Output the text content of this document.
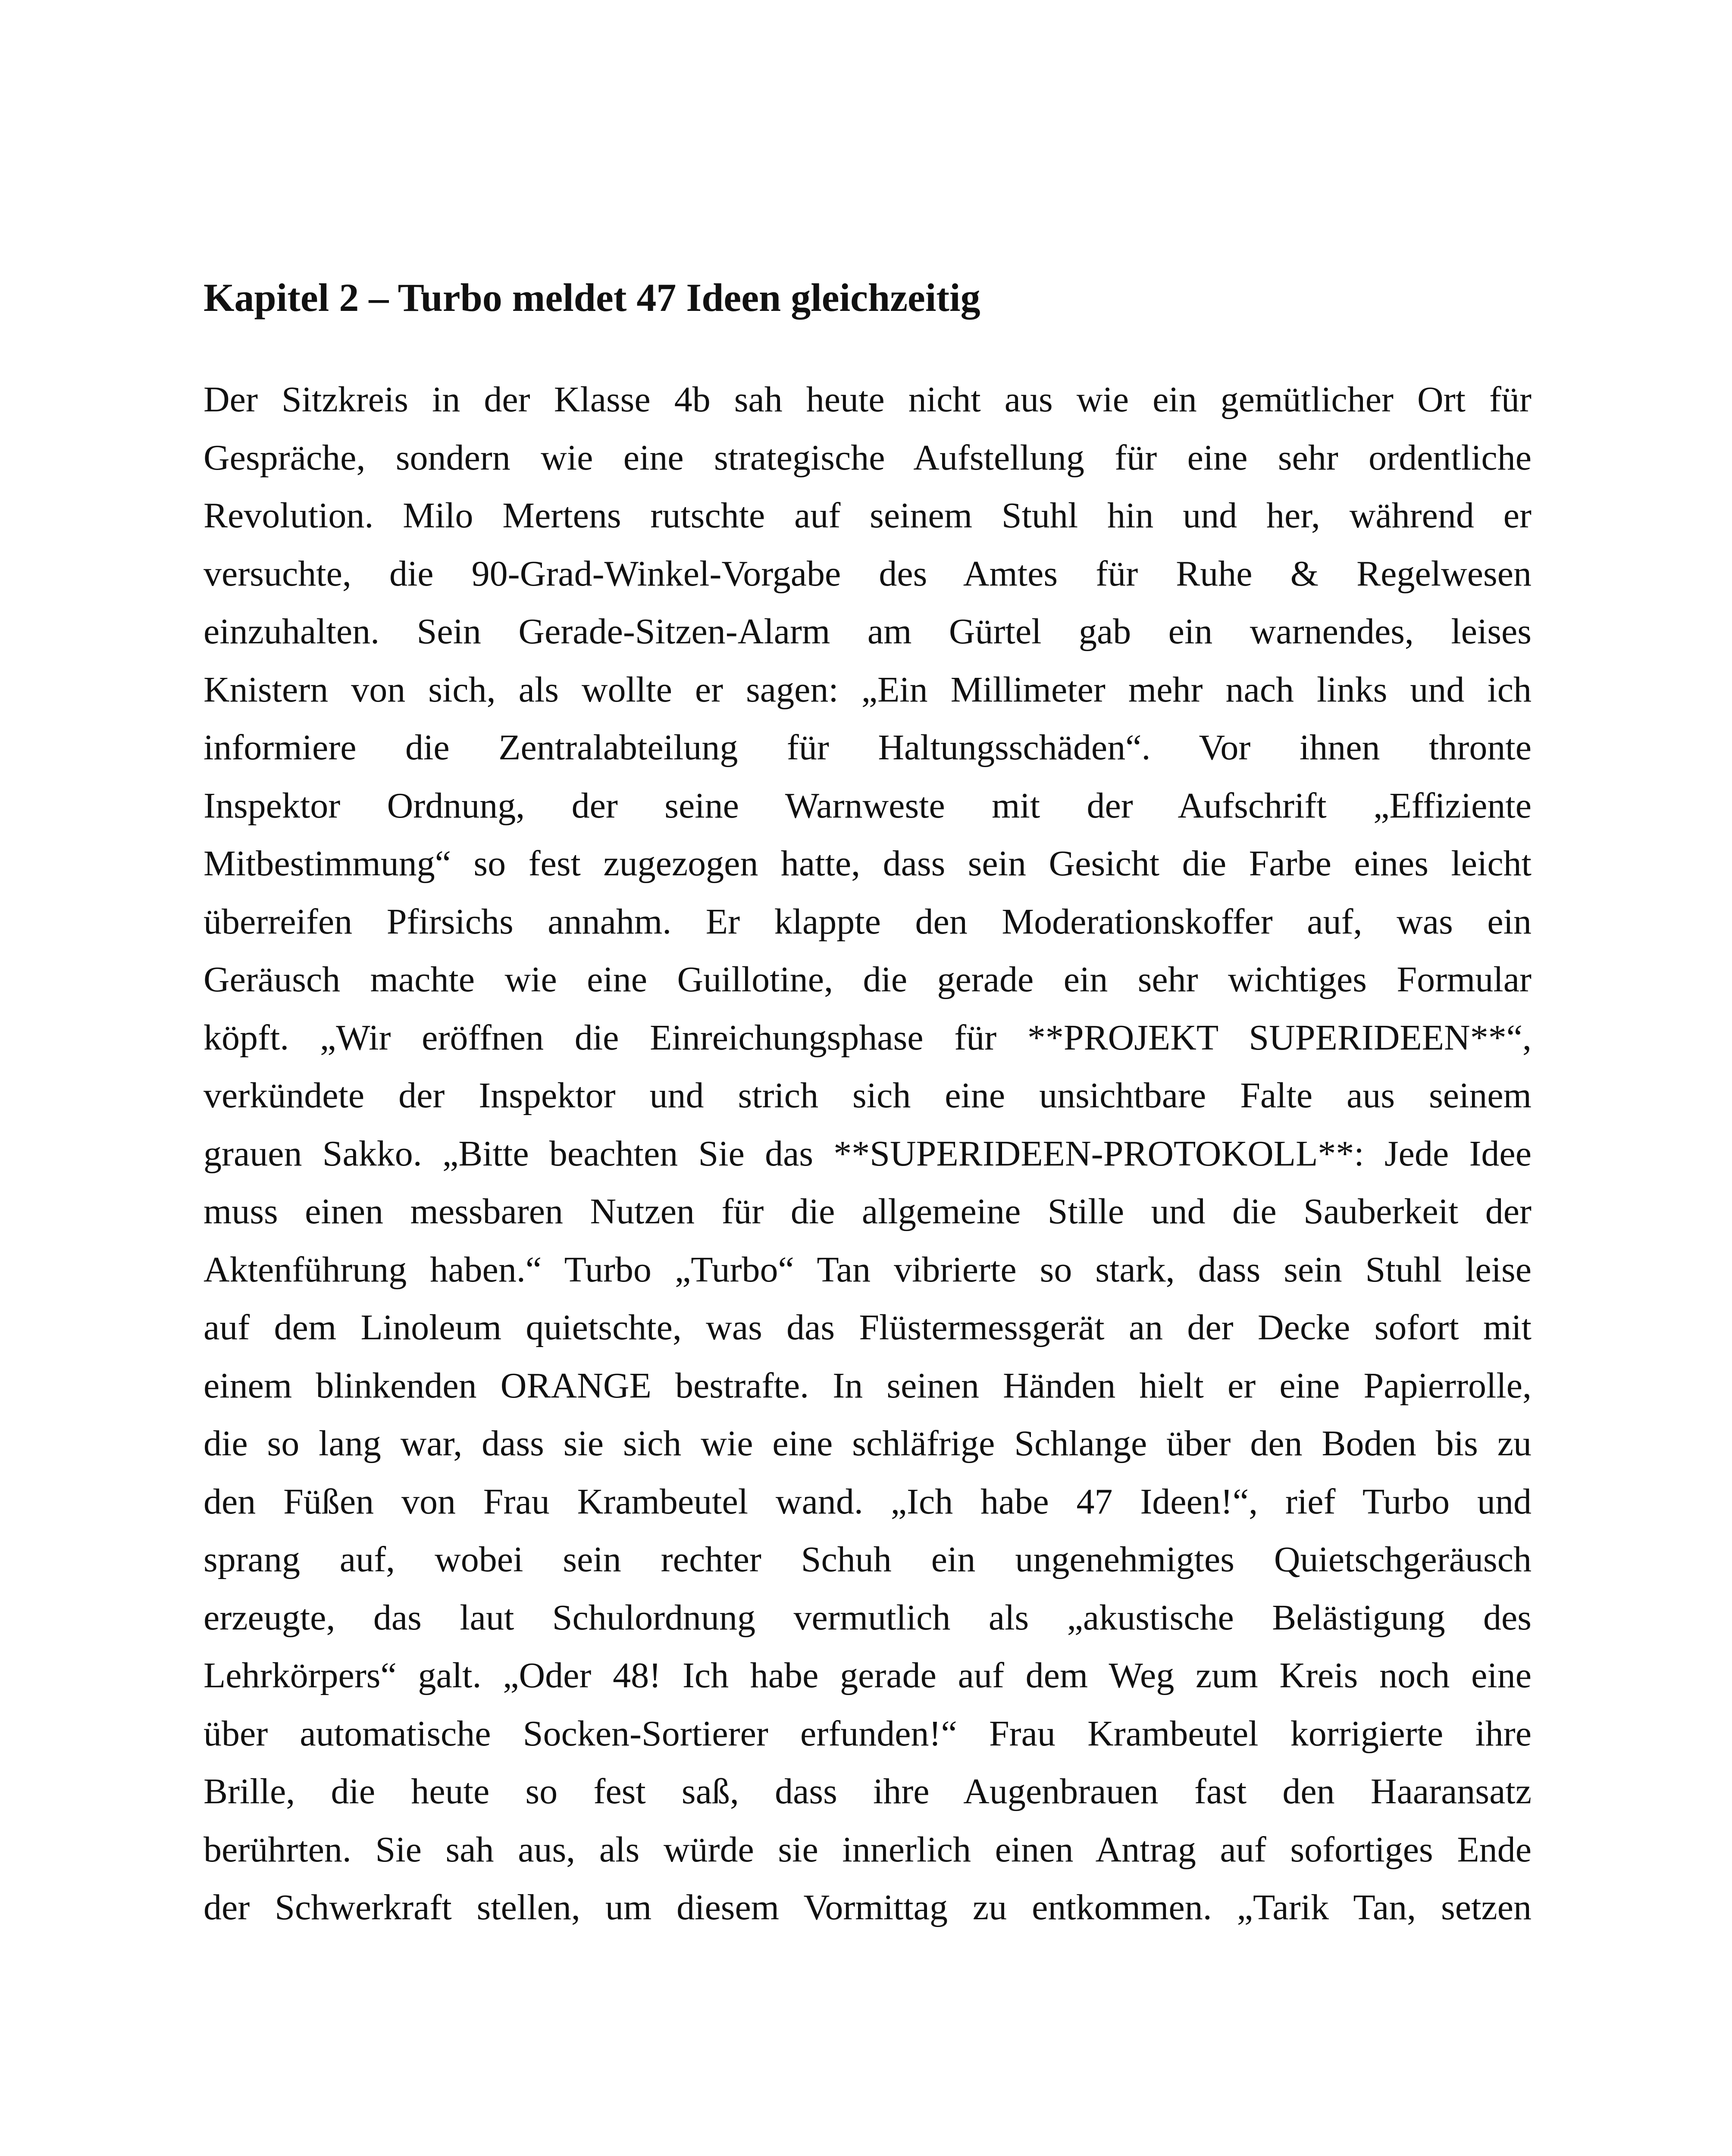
Kapitel 2 – Turbo meldet 47 Ideen gleichzeitig

Der Sitzkreis in der Klasse 4b sah heute nicht aus wie ein gemütlicher Ort für
Gespräche, sondern wie eine strategische Aufstellung für eine sehr ordentliche
Revolution. Milo Mertens rutschte auf seinem Stuhl hin und her, während er
versuchte, die 90-Grad-Winkel-Vorgabe des Amtes für Ruhe & Regelwesen
einzuhalten. Sein Gerade-Sitzen-Alarm am Gürtel gab ein warnendes, leises
Knistern von sich, als wollte er sagen: „Ein Millimeter mehr nach links und ich
informiere die Zentralabteilung für Haltungsschäden“. Vor ihnen thronte
Inspektor Ordnung, der seine Warnweste mit der Aufschrift „Effiziente
Mitbestimmung“ so fest zugezogen hatte, dass sein Gesicht die Farbe eines leicht
überreifen Pfirsichs annahm. Er klappte den Moderationskoffer auf, was ein
Geräusch machte wie eine Guillotine, die gerade ein sehr wichtiges Formular
köpft. „Wir eröffnen die Einreichungsphase für **PROJEKT SUPERIDEEN**“,
verkündete der Inspektor und strich sich eine unsichtbare Falte aus seinem
grauen Sakko. „Bitte beachten Sie das **SUPERIDEEN-PROTOKOLL**: Jede Idee
muss einen messbaren Nutzen für die allgemeine Stille und die Sauberkeit der
Aktenführung haben.“ Turbo „Turbo“ Tan vibrierte so stark, dass sein Stuhl leise
auf dem Linoleum quietschte, was das Flüstermessgerät an der Decke sofort mit
einem blinkenden ORANGE bestrafte. In seinen Händen hielt er eine Papierrolle,
die so lang war, dass sie sich wie eine schläfrige Schlange über den Boden bis zu
den Füßen von Frau Krambeutel wand. „Ich habe 47 Ideen!“, rief Turbo und
sprang auf, wobei sein rechter Schuh ein ungenehmigtes Quietschgeräusch
erzeugte, das laut Schulordnung vermutlich als „akustische Belästigung des
Lehrkörpers“ galt. „Oder 48! Ich habe gerade auf dem Weg zum Kreis noch eine
über automatische Socken-Sortierer erfunden!“ Frau Krambeutel korrigierte ihre
Brille, die heute so fest saß, dass ihre Augenbrauen fast den Haaransatz
berührten. Sie sah aus, als würde sie innerlich einen Antrag auf sofortiges Ende
der Schwerkraft stellen, um diesem Vormittag zu entkommen. „Tarik Tan, setzen
